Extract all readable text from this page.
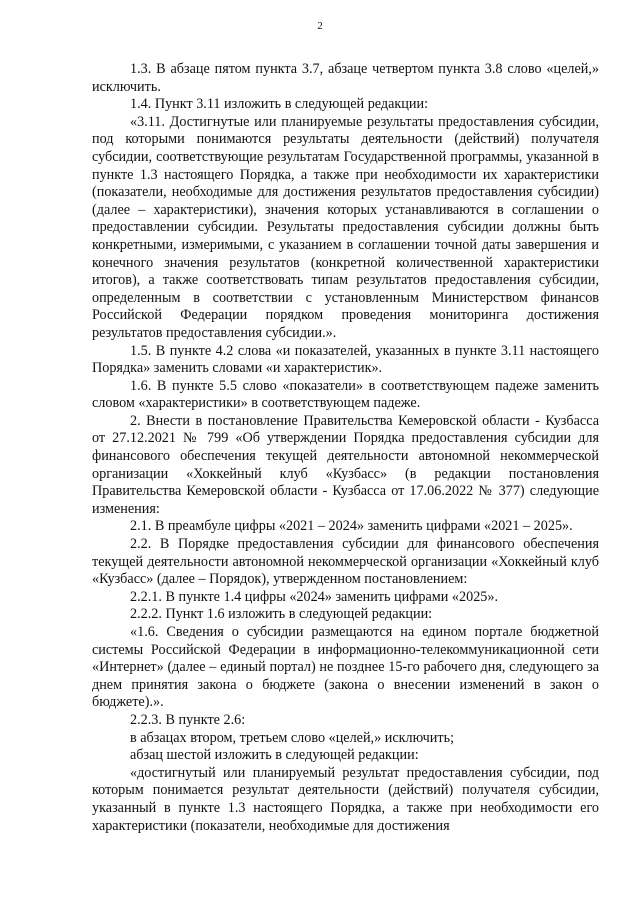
2

1.3. В абзаце пятом пункта 3.7, абзаце четвертом пункта 3.8 слово «целей,» исключить.

1.4. Пункт 3.11 изложить в следующей редакции:

«3.11. Достигнутые или планируемые результаты предоставления субсидии, под которыми понимаются результаты деятельности (действий) получателя субсидии, соответствующие результатам Государственной программы, указанной в пункте 1.3 настоящего Порядка, а также при необходимости их характеристики (показатели, необходимые для достижения результатов предоставления субсидии) (далее – характеристики), значения которых устанавливаются в соглашении о предоставлении субсидии. Результаты предоставления субсидии должны быть конкретными, измеримыми, с указанием в соглашении точной даты завершения и конечного значения результатов (конкретной количественной характеристики итогов), а также соответствовать типам результатов предоставления субсидии, определенным в соответствии с установленным Министерством финансов Российской Федерации порядком проведения мониторинга достижения результатов предоставления субсидии.».

1.5. В пункте 4.2 слова «и показателей, указанных в пункте 3.11 настоящего Порядка» заменить словами «и характеристик».

1.6. В пункте 5.5 слово «показатели» в соответствующем падеже заменить словом «характеристики» в соответствующем падеже.

2. Внести в постановление Правительства Кемеровской области - Кузбасса от 27.12.2021 № 799 «Об утверждении Порядка предоставления субсидии для финансового обеспечения текущей деятельности автономной некоммерческой организации «Хоккейный клуб «Кузбасс» (в редакции постановления Правительства Кемеровской области - Кузбасса от 17.06.2022 № 377) следующие изменения:

2.1. В преамбуле цифры «2021 – 2024» заменить цифрами «2021 – 2025».

2.2. В Порядке предоставления субсидии для финансового обеспечения текущей деятельности автономной некоммерческой организации «Хоккейный клуб «Кузбасс» (далее – Порядок), утвержденном постановлением:

2.2.1. В пункте 1.4 цифры «2024» заменить цифрами «2025».

2.2.2. Пункт 1.6 изложить в следующей редакции:

«1.6. Сведения о субсидии размещаются на едином портале бюджетной системы Российской Федерации в информационно-телекоммуникационной сети «Интернет» (далее – единый портал) не позднее 15-го рабочего дня, следующего за днем принятия закона о бюджете (закона о внесении изменений в закон о бюджете).».

2.2.3. В пункте 2.6:

в абзацах втором, третьем слово «целей,» исключить;

абзац шестой изложить в следующей редакции:

«достигнутый или планируемый результат предоставления субсидии, под которым понимается результат деятельности (действий) получателя субсидии, указанный в пункте 1.3 настоящего Порядка, а также при необходимости его характеристики (показатели, необходимые для достижения
